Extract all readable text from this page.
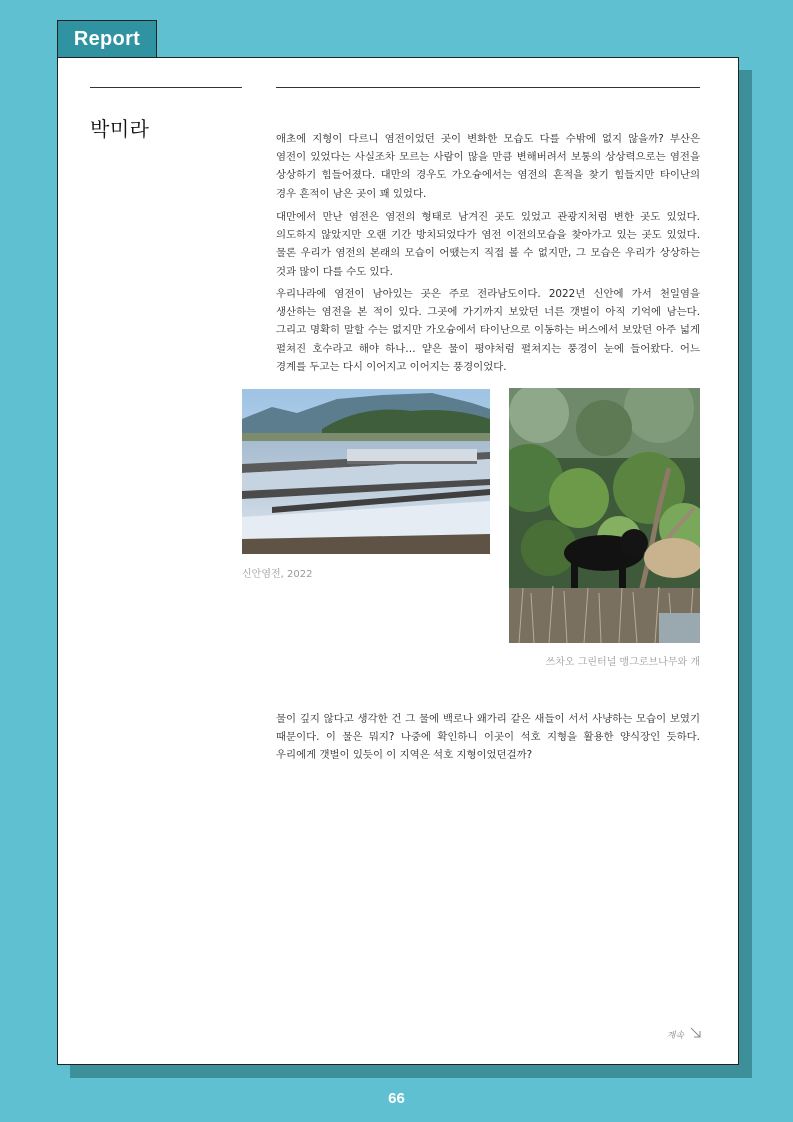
Report
박미라	애초에 지형이 다르니 염전이었던 곳이 변화한 모습도 다를 수밖에 없지 않을까? 부산은 염전이 있었다는 사실조차 모르는 사람이 많을 만큼 변해버려서 보통의 상상력으로는 염전을 상상하기 힘들어졌다. 대만의 경우도 가오슝에서는 염전의 흔적을 찾기 힘들지만 타이난의 경우 흔적이 남은 곳이 꽤 있었다.

대만에서 만난 염전은 염전의 형태로 남겨진 곳도 있었고 관광지처럼 변한 곳도 있었다. 의도하지 않았지만 오랜 기간 방치되었다가 염전 이전의모습을 찾아가고 있는 곳도 있었다. 물론 우리가 염전의 본래의 모습이 어땠는지 직접 볼 수 없지만, 그 모습은 우리가 상상하는 것과 많이 다를 수도 있다.

우리나라에 염전이 남아있는 곳은 주로 전라남도이다. 2022년 신안에 가서 천일염을 생산하는 염전을 본 적이 있다. 그곳에 가기까지 보았던 너른 갯벌이 아직 기억에 남는다. 그리고 명확히 말할 수는 없지만 가오슝에서 타이난으로 이동하는 버스에서 보았던 아주 넓게 펼쳐진 호수라고 해야 하나… 얕은 물이 평야처럼 펼쳐지는 풍경이 눈에 들어왔다. 어느 경계를 두고는 다시 이어지고 이어지는 풍경이었다.

신안염전, 2022
쓰차오 그린터널 맹그로브나무와 개

물이 깊지 않다고 생각한 건 그 물에 백로나 왜가리 같은 새들이 서서 사냥하는 모습이 보였기 때문이다. 이 물은 뭐지? 나중에 확인하니 이곳이 석호 지형을 활용한 양식장인 듯하다. 우리에게 갯벌이 있듯이 이 지역은 석호 지형이었던걸까?

계속
66
